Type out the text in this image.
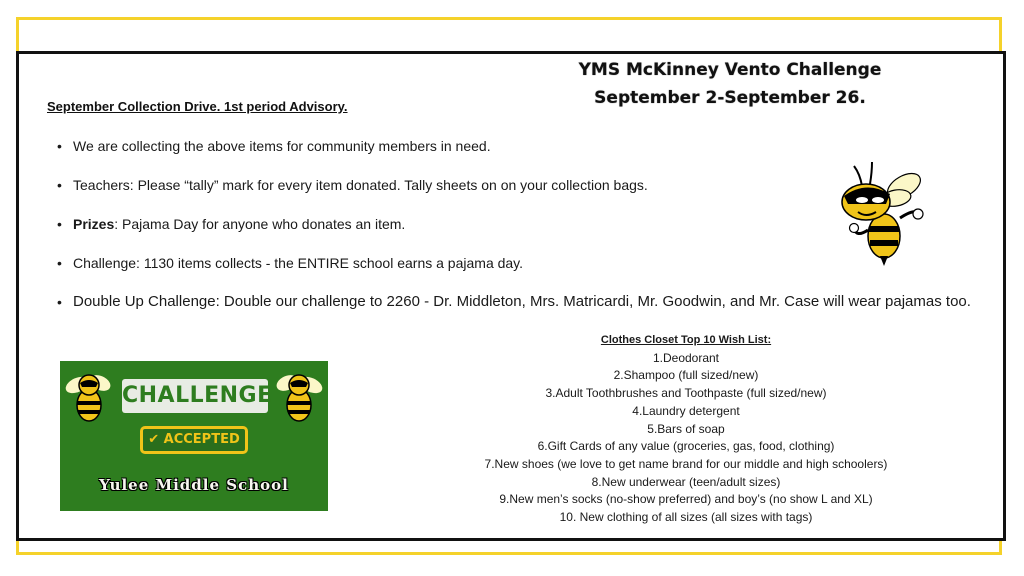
YMS McKinney Vento Challenge
September 2-September 26.
September Collection Drive. 1st period Advisory.
• We are collecting the above items for community members in need.
• Teachers: Please “tally” mark for every item donated. Tally sheets on on your collection bags.
• Prizes: Pajama Day for anyone who donates an item.
• Challenge: 1130 items collects - the ENTIRE school earns a pajama day.
• Double Up Challenge: Double our challenge to 2260 - Dr. Middleton, Mrs. Matricardi, Mr. Goodwin, and Mr. Case will wear pajamas too.
Clothes Closet Top 10 Wish List:
1.Deodorant
2.Shampoo (full sized/new)
3.Adult Toothbrushes and Toothpaste (full sized/new)
4.Laundry detergent
5.Bars of soap
6.Gift Cards of any value (groceries, gas, food, clothing)
7.New shoes (we love to get name brand for our middle and high schoolers)
8.New underwear (teen/adult sizes)
9.New men’s socks (no-show preferred) and boy’s (no show L and XL)
10. New clothing of all sizes (all sizes with tags)
CHALLENGE
✔ ACCEPTED
Yulee Middle School
